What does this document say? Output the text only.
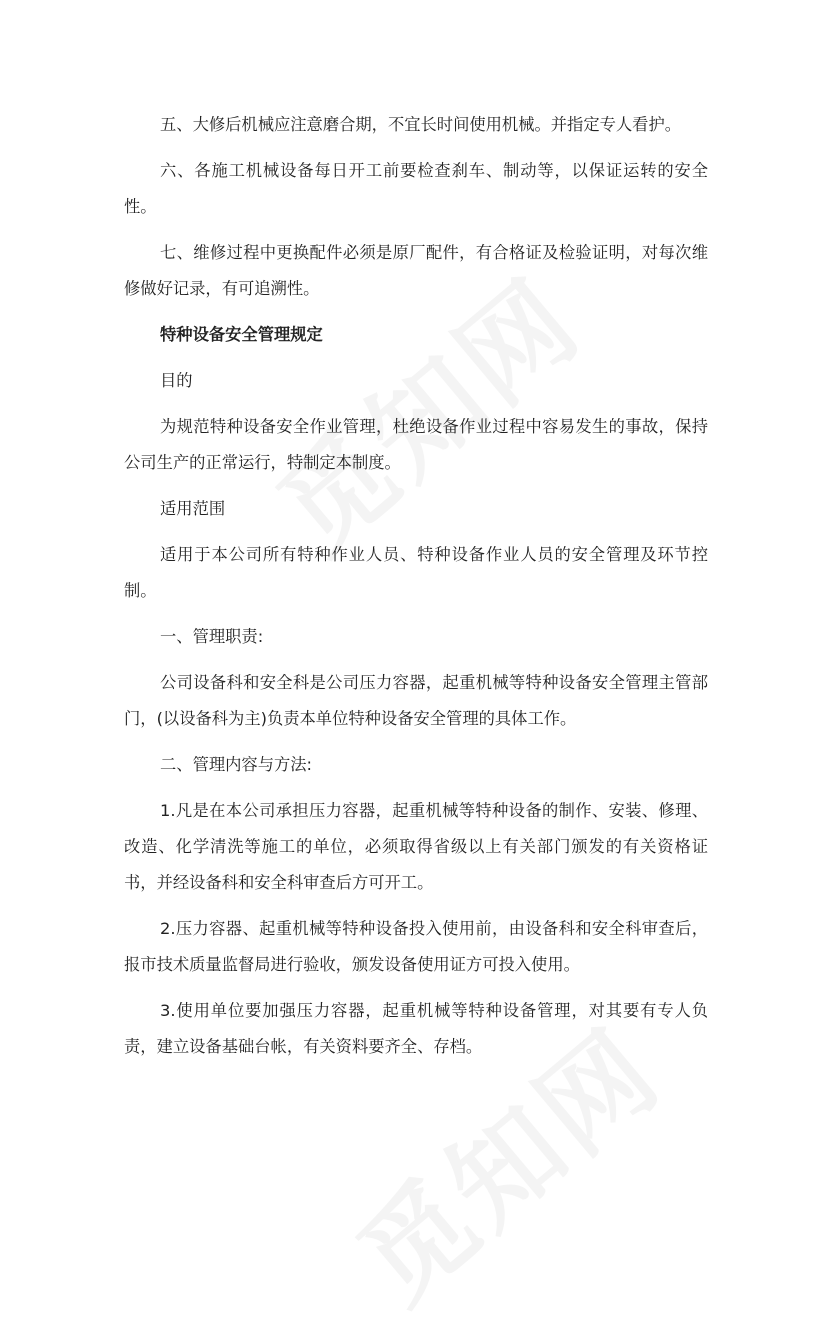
五、大修后机械应注意磨合期，不宜长时间使用机械。并指定专人看护。

六、各施工机械设备每日开工前要检查刹车、制动等，以保证运转的安全性。

七、维修过程中更换配件必须是原厂配件，有合格证及检验证明，对每次维修做好记录，有可追溯性。

特种设备安全管理规定

目的

为规范特种设备安全作业管理，杜绝设备作业过程中容易发生的事故，保持公司生产的正常运行，特制定本制度。

适用范围

适用于本公司所有特种作业人员、特种设备作业人员的安全管理及环节控制。

一、管理职责:

公司设备科和安全科是公司压力容器，起重机械等特种设备安全管理主管部门，(以设备科为主)负责本单位特种设备安全管理的具体工作。

二、管理内容与方法:

1.凡是在本公司承担压力容器，起重机械等特种设备的制作、安装、修理、改造、化学清洗等施工的单位，必须取得省级以上有关部门颁发的有关资格证书，并经设备科和安全科审查后方可开工。

2.压力容器、起重机械等特种设备投入使用前，由设备科和安全科审查后，报市技术质量监督局进行验收，颁发设备使用证方可投入使用。

3.使用单位要加强压力容器，起重机械等特种设备管理，对其要有专人负责，建立设备基础台帐，有关资料要齐全、存档。
